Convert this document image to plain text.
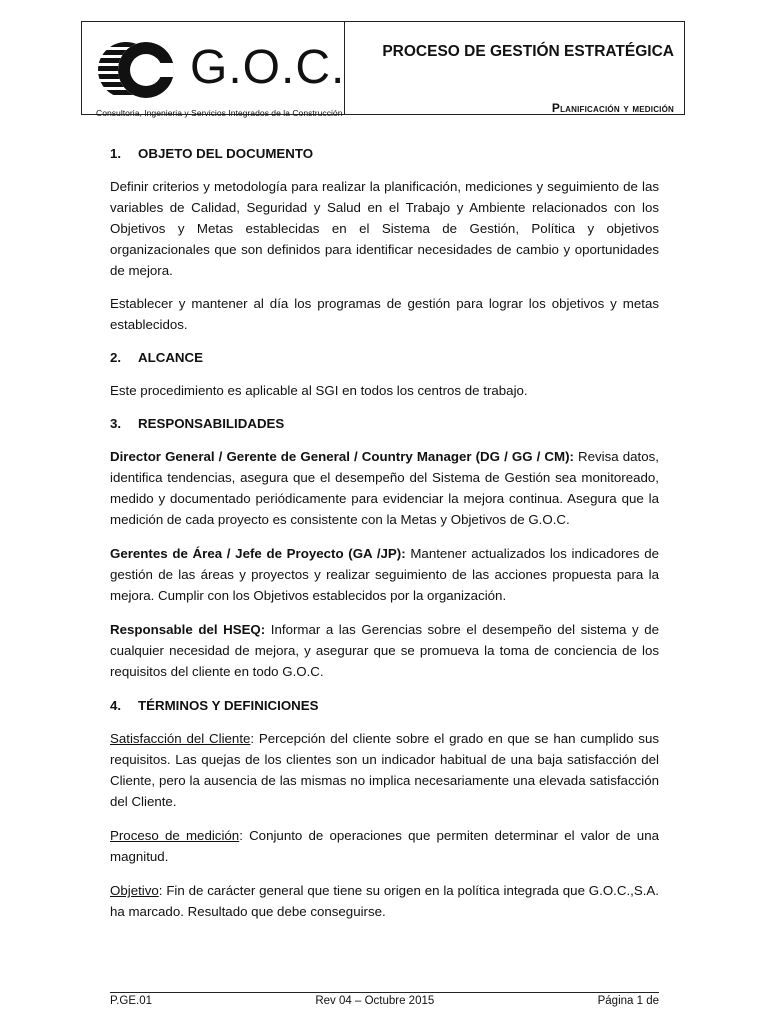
G.O.C.
Consultoria, Ingenieria y Servicios Integrados de la Construcción
PROCESO DE GESTIÓN ESTRATÉGICA
Planificación y medición
1.	OBJETO DEL DOCUMENTO

Definir criterios y metodología para realizar la planificación, mediciones y seguimiento de las variables de Calidad, Seguridad y Salud en el Trabajo y Ambiente relacionados con los Objetivos y Metas establecidas en el Sistema de Gestión, Política y objetivos organizacionales que son definidos para identificar necesidades de cambio y oportunidades de mejora.

Establecer y mantener al día los programas de gestión para lograr los objetivos y metas establecidos.

2.	ALCANCE

Este procedimiento es aplicable al SGI en todos los centros de trabajo.

3.	RESPONSABILIDADES

Director General / Gerente de General / Country Manager (DG / GG / CM): Revisa datos, identifica tendencias, asegura que el desempeño del Sistema de Gestión sea monitoreado, medido y documentado periódicamente para evidenciar la mejora continua. Asegura que la medición de cada proyecto es consistente con la Metas y Objetivos de G.O.C.

Gerentes de Área / Jefe de Proyecto (GA /JP): Mantener actualizados los indicadores de gestión de las áreas y proyectos y realizar seguimiento de las acciones propuesta para la mejora. Cumplir con los Objetivos establecidos por la organización.

Responsable del HSEQ: Informar a las Gerencias sobre el desempeño del sistema y de cualquier necesidad de mejora, y asegurar que se promueva la toma de conciencia de los requisitos del cliente en todo G.O.C.

4.	TÉRMINOS Y DEFINICIONES

Satisfacción del Cliente: Percepción del cliente sobre el grado en que se han cumplido sus requisitos. Las quejas de los clientes son un indicador habitual de una baja satisfacción del Cliente, pero la ausencia de las mismas no implica necesariamente una elevada satisfacción del Cliente.

Proceso de medición: Conjunto de operaciones que permiten determinar el valor de una magnitud.

Objetivo: Fin de carácter general que tiene su origen en la política integrada que G.O.C.,S.A. ha marcado. Resultado que debe conseguirse.

P.GE.01	Rev 04 – Octubre 2015	Página 1 de
